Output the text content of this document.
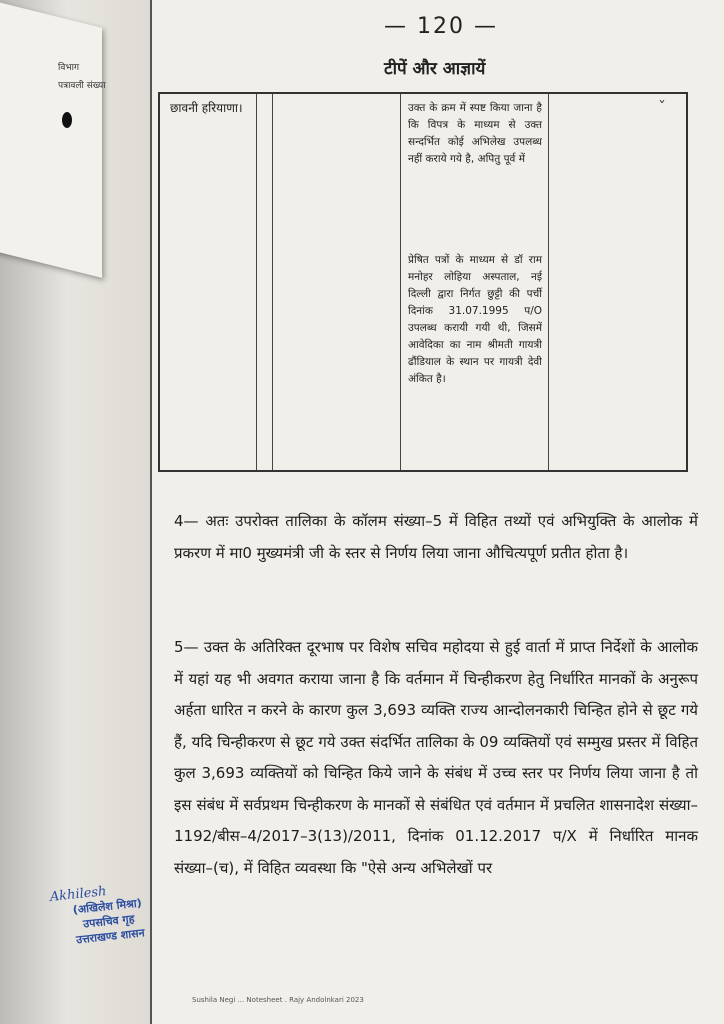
विभाग
पत्रावली संख्या
— 120 —
टीपें और आज्ञायें
ˇ
छावनी हरियाणा।	उक्त के क्रम में स्पष्ट किया जाना है कि विपत्र के माध्यम से उक्त सन्दर्भित कोई अभिलेख उपलब्ध नहीं कराये गये है, अपितु पूर्व में
प्रेषित पत्रों के माध्यम से डॉ राम मनोहर लोहिया अस्पताल, नई दिल्ली द्वारा निर्गत छुट्टी की पर्ची दिनांक 31.07.1995 प/O उपलब्ध करायी गयी थी, जिसमें आवेदिका का नाम श्रीमती गायत्री ढौंडियाल के स्थान पर गायत्री देवी अंकित है।
4— अतः उपरोक्त तालिका के कॉलम संख्या–5 में विहित तथ्यों एवं अभियुक्ति के आलोक में प्रकरण में मा0 मुख्यमंत्री जी के स्तर से निर्णय लिया जाना औचित्यपूर्ण प्रतीत होता है।
5— उक्त के अतिरिक्त दूरभाष पर विशेष सचिव महोदया से हुई वार्ता में प्राप्त निर्देशों के आलोक में यहां यह भी अवगत कराया जाना है कि वर्तमान में चिन्हीकरण हेतु निर्धारित मानकों के अनुरूप अर्हता धारित न करने के कारण कुल 3,693 व्यक्ति राज्य आन्दोलनकारी चिन्हित होने से छूट गये हैं, यदि चिन्हीकरण से छूट गये उक्त संदर्भित तालिका के 09 व्यक्तियों एवं सम्मुख प्रस्तर में विहित कुल 3,693 व्यक्तियों को चिन्हित किये जाने के संबंध में उच्च स्तर पर निर्णय लिया जाना है तो इस संबंध में सर्वप्रथम चिन्हीकरण के मानकों से संबंधित एवं वर्तमान में प्रचलित शासनादेश संख्या–1192/बीस–4/2017–3(13)/2011, दिनांक 01.12.2017 प/X में निर्धारित मानक संख्या–(च), में विहित व्यवस्था कि "ऐसे अन्य अभिलेखों पर
Sushila Negi ... Notesheet . Rajy Andolnkari 2023
Akhilesh
(अखिलेश मिश्रा)
उपसचिव गृह
उत्तराखण्ड शासन
